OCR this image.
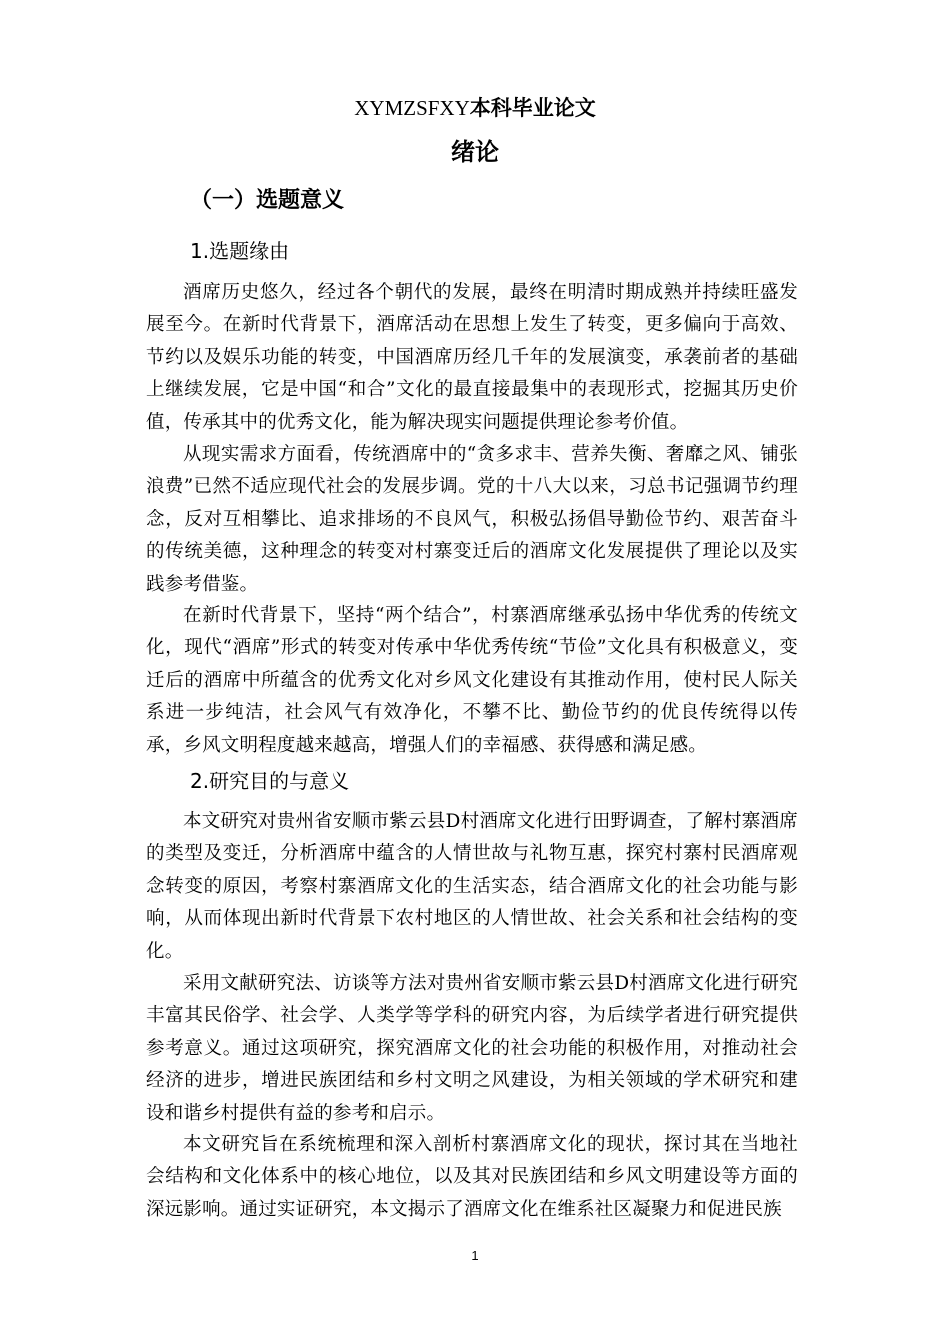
XYMZSFXY本科毕业论文
绪论
（一）选题意义
1.选题缘由

酒席历史悠久，经过各个朝代的发展，最终在明清时期成熟并持续旺盛发展至今。在新时代背景下，酒席活动在思想上发生了转变，更多偏向于高效、节约以及娱乐功能的转变，中国酒席历经几千年的发展演变，承袭前者的基础上继续发展，它是中国“和合”文化的最直接最集中的表现形式，挖掘其历史价值，传承其中的优秀文化，能为解决现实问题提供理论参考价值。

从现实需求方面看，传统酒席中的“贪多求丰、营养失衡、奢靡之风、铺张浪费”已然不适应现代社会的发展步调。党的十八大以来，习总书记强调节约理念，反对互相攀比、追求排场的不良风气，积极弘扬倡导勤俭节约、艰苦奋斗的传统美德，这种理念的转变对村寨变迁后的酒席文化发展提供了理论以及实践参考借鉴。

在新时代背景下，坚持“两个结合”，村寨酒席继承弘扬中华优秀的传统文化，现代“酒席”形式的转变对传承中华优秀传统“节俭”文化具有积极意义，变迁后的酒席中所蕴含的优秀文化对乡风文化建设有其推动作用，使村民人际关系进一步纯洁，社会风气有效净化，不攀不比、勤俭节约的优良传统得以传承，乡风文明程度越来越高，增强人们的幸福感、获得感和满足感。

2.研究目的与意义

本文研究对贵州省安顺市紫云县D村酒席文化进行田野调查，了解村寨酒席的类型及变迁，分析酒席中蕴含的人情世故与礼物互惠，探究村寨村民酒席观念转变的原因，考察村寨酒席文化的生活实态，结合酒席文化的社会功能与影响，从而体现出新时代背景下农村地区的人情世故、社会关系和社会结构的变化。

采用文献研究法、访谈等方法对贵州省安顺市紫云县D村酒席文化进行研究丰富其民俗学、社会学、人类学等学科的研究内容，为后续学者进行研究提供参考意义。通过这项研究，探究酒席文化的社会功能的积极作用，对推动社会经济的进步，增进民族团结和乡村文明之风建设，为相关领域的学术研究和建设和谐乡村提供有益的参考和启示。

本文研究旨在系统梳理和深入剖析村寨酒席文化的现状，探讨其在当地社会结构和文化体系中的核心地位，以及其对民族团结和乡风文明建设等方面的深远影响。通过实证研究，本文揭示了酒席文化在维系社区凝聚力和促进民族

1
